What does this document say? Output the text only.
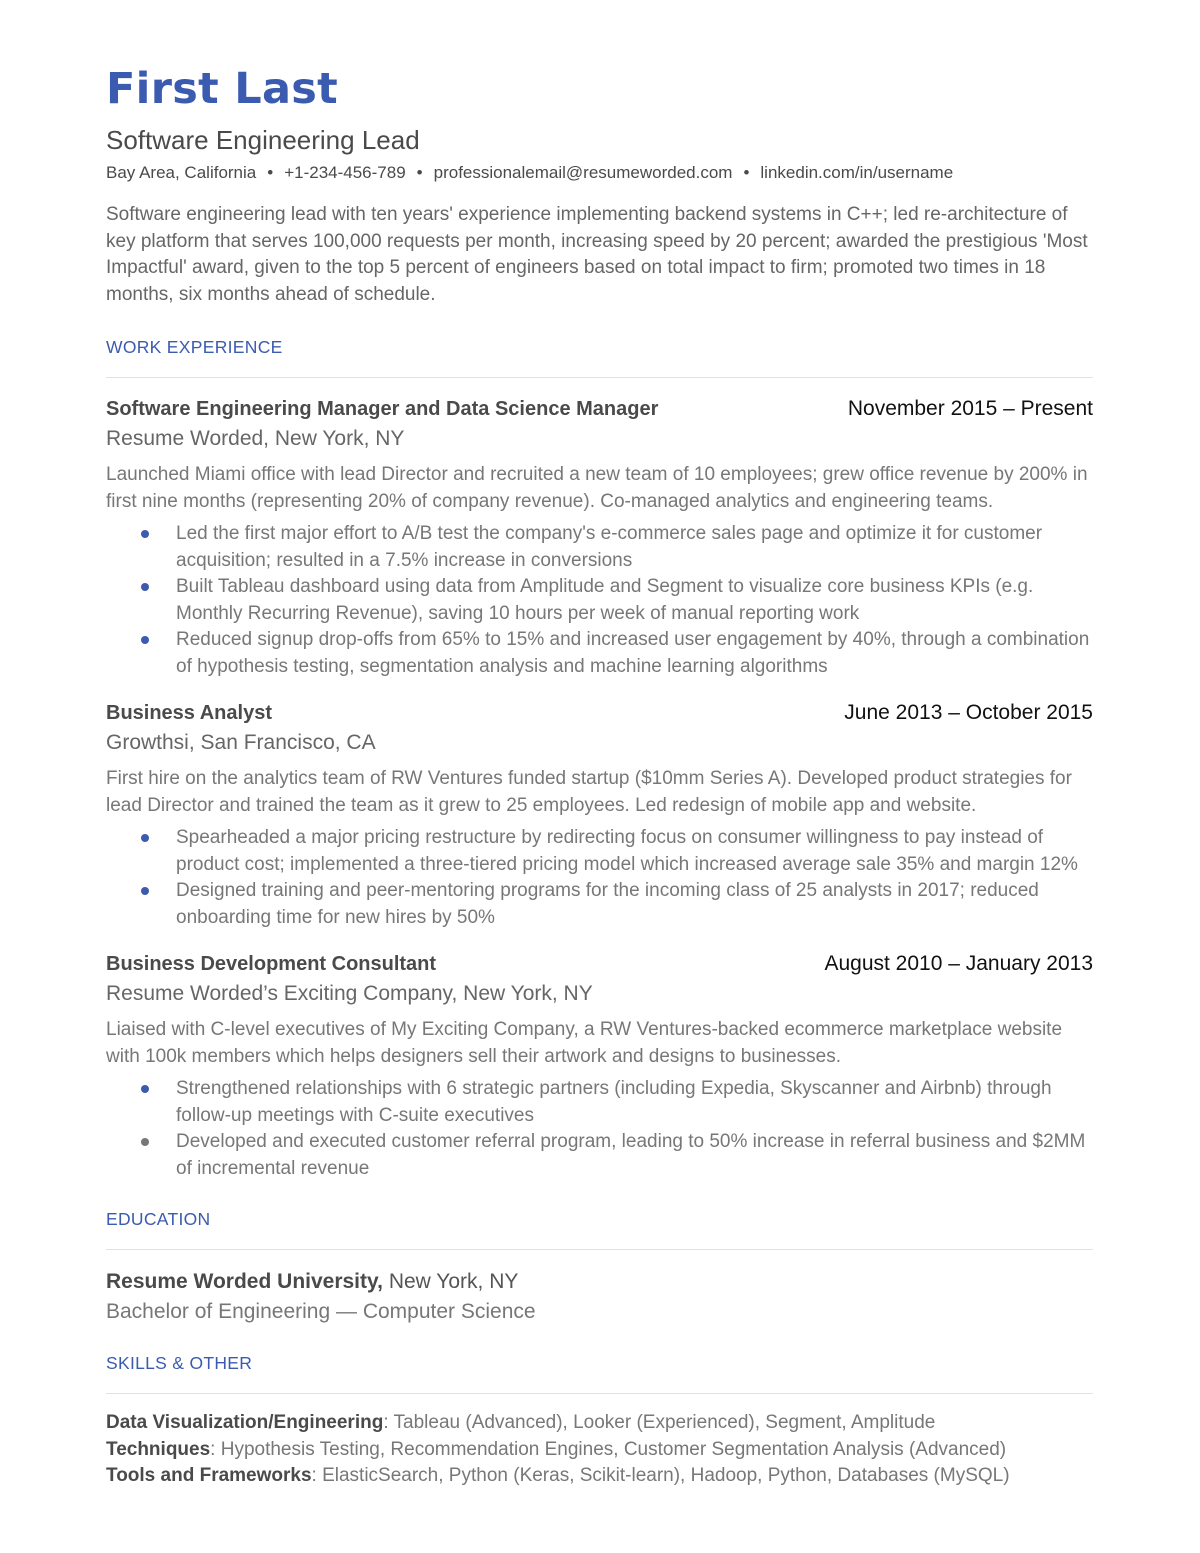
First Last
Software Engineering Lead
Bay Area, California • +1-234-456-789 • professionalemail@resumeworded.com • linkedin.com/in/username
Software engineering lead with ten years' experience implementing backend systems in C++; led re-architecture of key platform that serves 100,000 requests per month, increasing speed by 20 percent; awarded the prestigious 'Most Impactful' award, given to the top 5 percent of engineers based on total impact to firm; promoted two times in 18 months, six months ahead of schedule.
WORK EXPERIENCE
Software Engineering Manager and Data Science Manager	November 2015 – Present
Resume Worded, New York, NY
Launched Miami office with lead Director and recruited a new team of 10 employees; grew office revenue by 200% in first nine months (representing 20% of company revenue). Co-managed analytics and engineering teams.
Led the first major effort to A/B test the company's e-commerce sales page and optimize it for customer acquisition; resulted in a 7.5% increase in conversions
Built Tableau dashboard using data from Amplitude and Segment to visualize core business KPIs (e.g. Monthly Recurring Revenue), saving 10 hours per week of manual reporting work
Reduced signup drop-offs from 65% to 15% and increased user engagement by 40%, through a combination of hypothesis testing, segmentation analysis and machine learning algorithms
Business Analyst	June 2013 – October 2015
Growthsi, San Francisco, CA
First hire on the analytics team of RW Ventures funded startup ($10mm Series A). Developed product strategies for lead Director and trained the team as it grew to 25 employees. Led redesign of mobile app and website.
Spearheaded a major pricing restructure by redirecting focus on consumer willingness to pay instead of product cost; implemented a three-tiered pricing model which increased average sale 35% and margin 12%
Designed training and peer-mentoring programs for the incoming class of 25 analysts in 2017; reduced onboarding time for new hires by 50%
Business Development Consultant	August 2010 – January 2013
Resume Worded’s Exciting Company, New York, NY
Liaised with C-level executives of My Exciting Company, a RW Ventures-backed ecommerce marketplace website with 100k members which helps designers sell their artwork and designs to businesses.
Strengthened relationships with 6 strategic partners (including Expedia, Skyscanner and Airbnb) through follow-up meetings with C-suite executives
Developed and executed customer referral program, leading to 50% increase in referral business and $2MM of incremental revenue
EDUCATION
Resume Worded University, New York, NY
Bachelor of Engineering — Computer Science
SKILLS & OTHER
Data Visualization/Engineering: Tableau (Advanced), Looker (Experienced), Segment, Amplitude
Techniques: Hypothesis Testing, Recommendation Engines, Customer Segmentation Analysis (Advanced)
Tools and Frameworks: ElasticSearch, Python (Keras, Scikit-learn), Hadoop, Python, Databases (MySQL)
